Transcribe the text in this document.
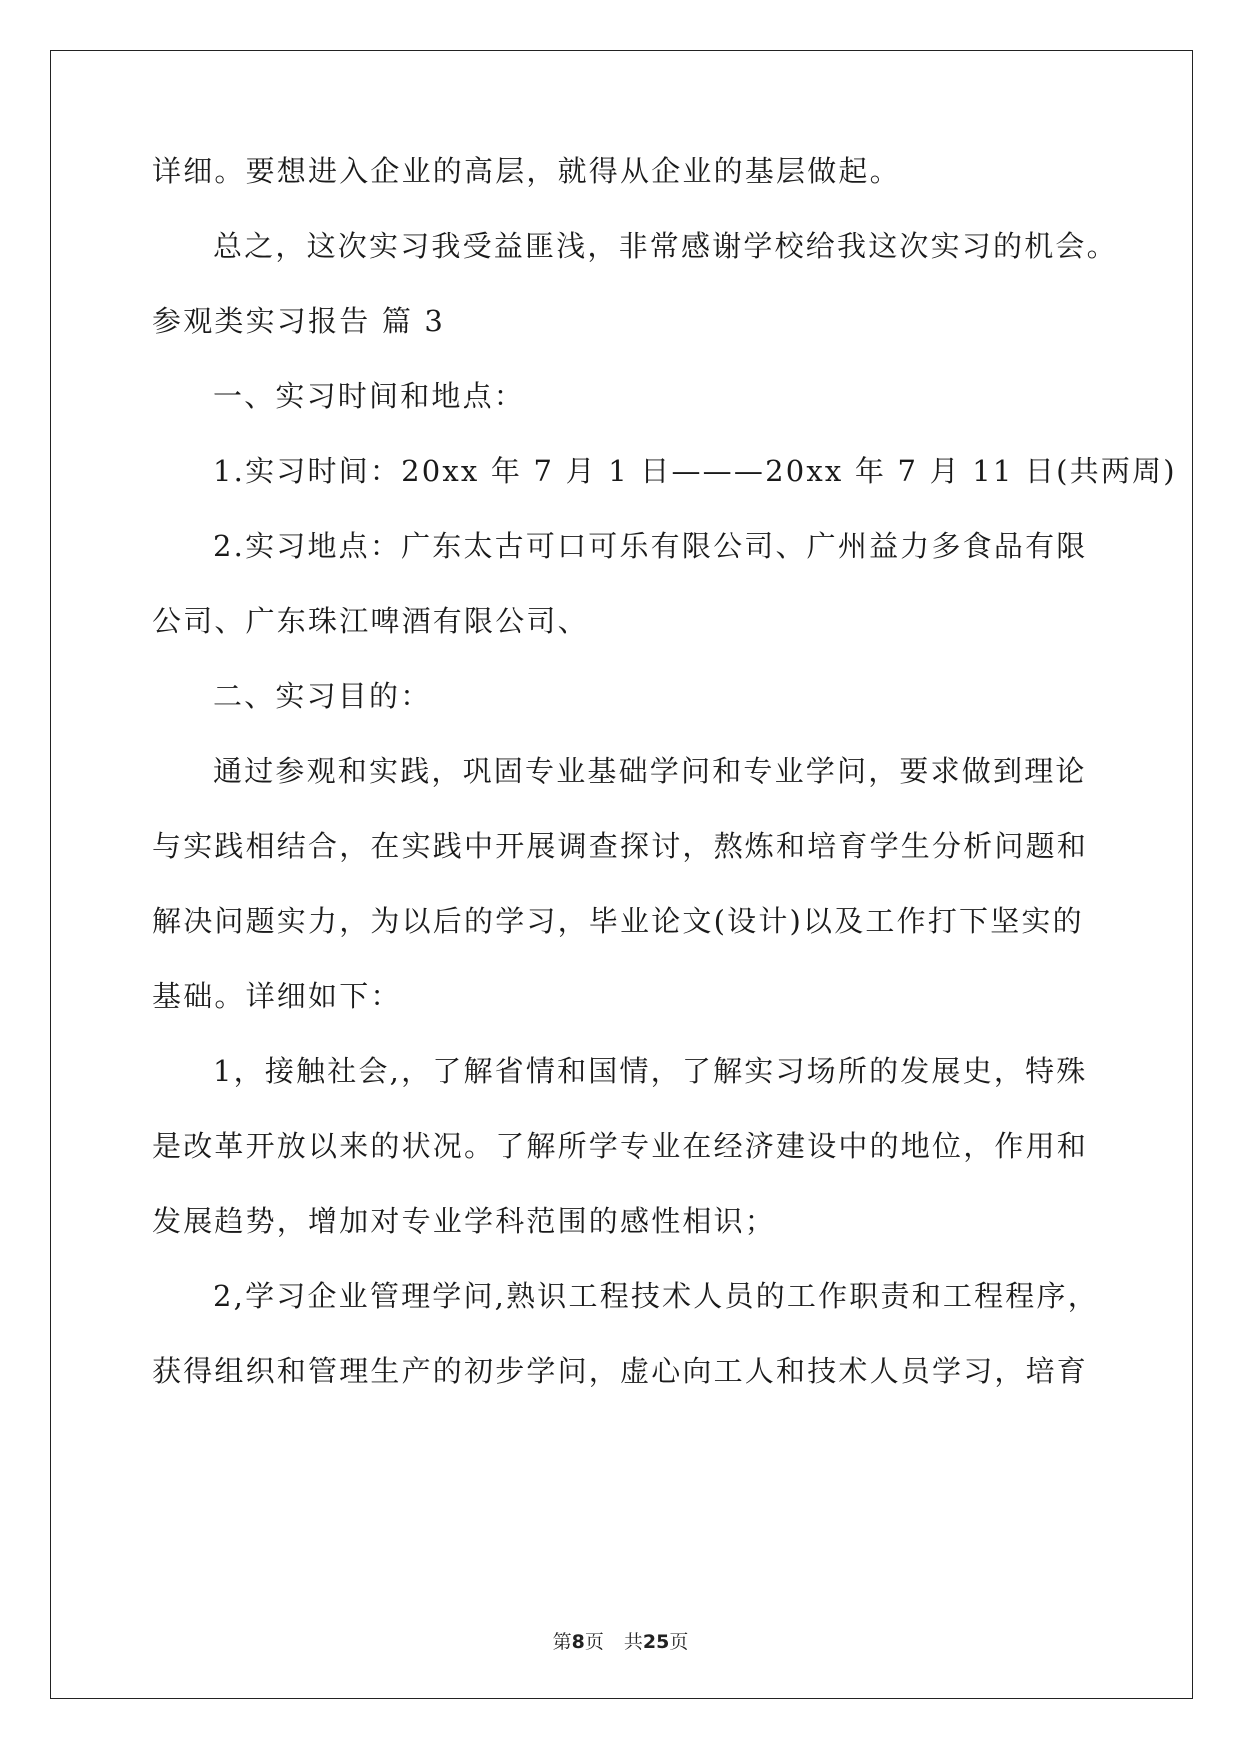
详细。要想进入企业的高层，就得从企业的基层做起。
总之，这次实习我受益匪浅，非常感谢学校给我这次实习的机会。
参观类实习报告 篇 3
一、实习时间和地点：
1.实习时间：20xx 年 7 月 1 日———20xx 年 7 月 11 日(共两周)
2.实习地点：广东太古可口可乐有限公司、广州益力多食品有限
公司、广东珠江啤酒有限公司、
二、实习目的：
通过参观和实践，巩固专业基础学问和专业学问，要求做到理论
与实践相结合，在实践中开展调查探讨，熬炼和培育学生分析问题和
解决问题实力，为以后的学习，毕业论文(设计)以及工作打下坚实的
基础。详细如下：
1，接触社会,，了解省情和国情，了解实习场所的发展史，特殊
是改革开放以来的状况。了解所学专业在经济建设中的地位，作用和
发展趋势，增加对专业学科范围的感性相识；
2,学习企业管理学问,熟识工程技术人员的工作职责和工程程序，
获得组织和管理生产的初步学问，虚心向工人和技术人员学习，培育
第8页 共25页
